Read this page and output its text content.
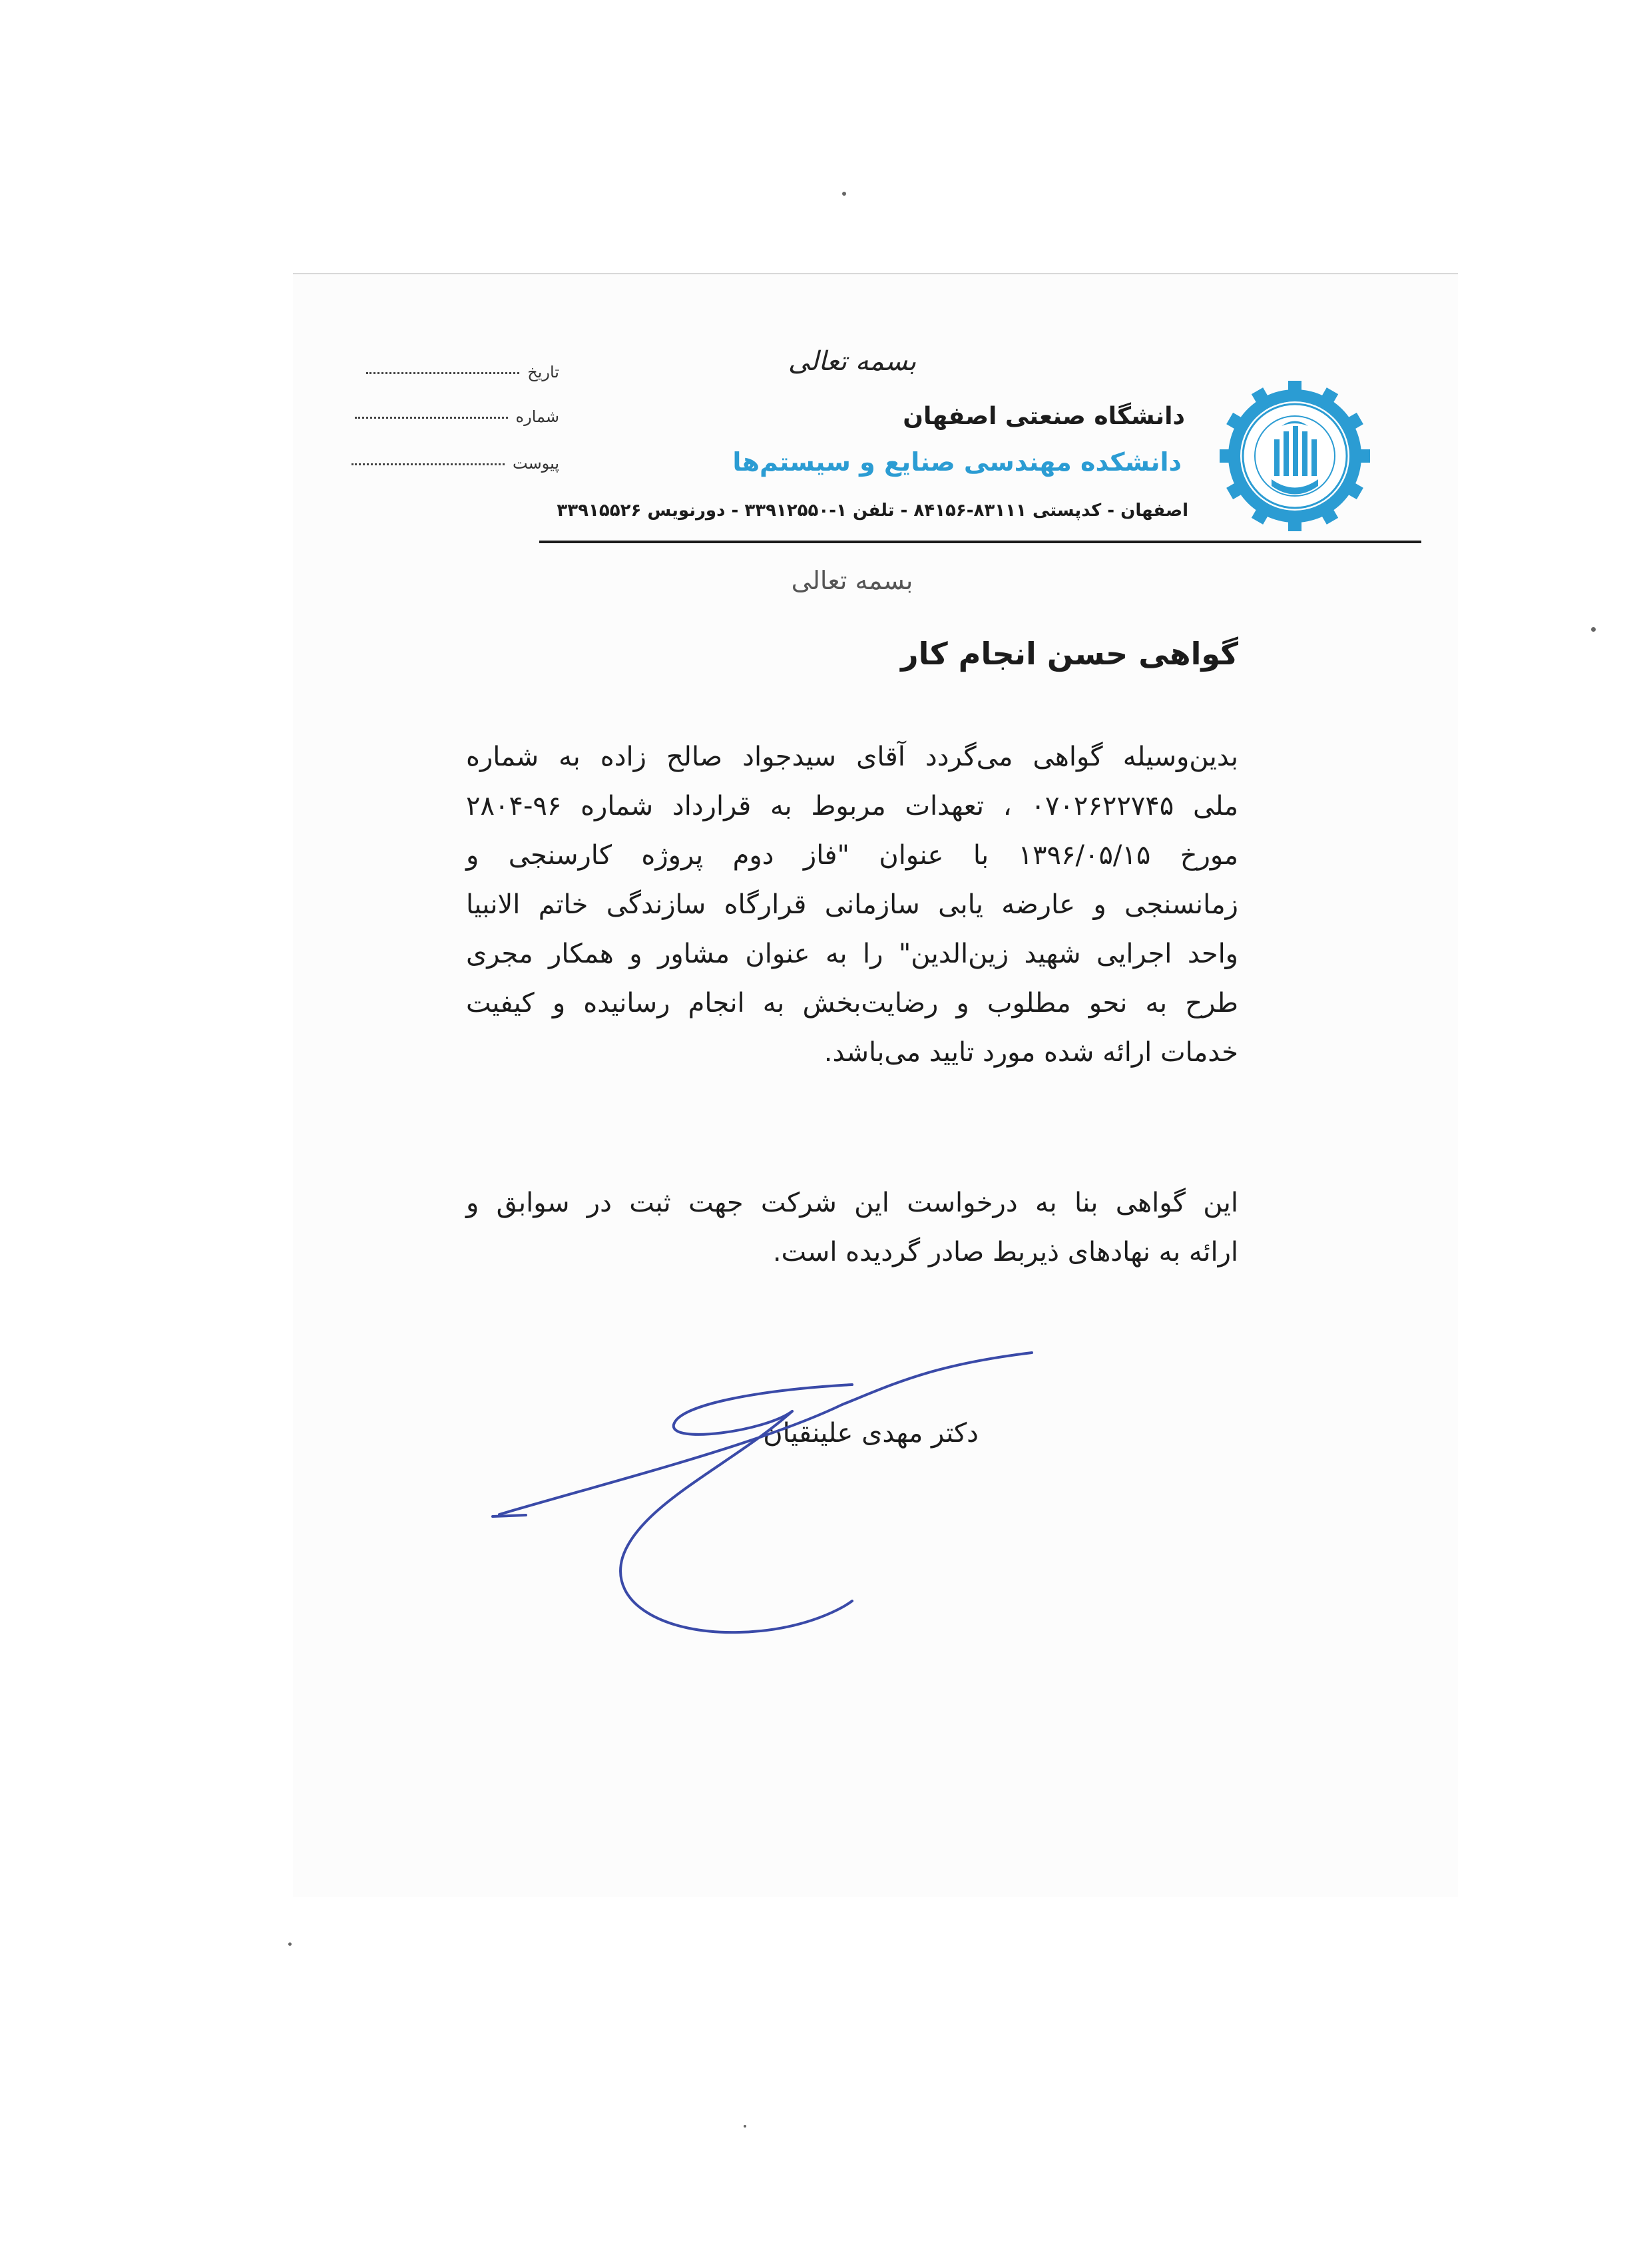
بسمه تعالی
دانشگاه صنعتی اصفهان
دانشکده مهندسی صنایع و سیستم‌ها
اصفهان - کدپستی ۸۳۱۱۱-۸۴۱۵۶ - تلفن ۱-۳۳۹۱۲۵۵۰ - دورنویس ۳۳۹۱۵۵۲۶
تاریخ
شماره
پیوست
بسمه تعالی
گواهی حسن انجام کار
بدین‌وسیله گواهی می‌گردد آقای سیدجواد صالح زاده به شماره
ملی ۰۷۰۲۶۲۲۷۴۵ ، تعهدات مربوط به قرارداد شماره ۹۶-۲۸۰۴
مورخ ۱۳۹۶/۰۵/۱۵ با عنوان "فاز دوم پروژه کارسنجی و
زمانسنجی و عارضه یابی سازمانی قرارگاه سازندگی خاتم الانبیا
واحد اجرایی شهید زین‌الدین" را به عنوان مشاور و همکار مجری
طرح به نحو مطلوب و رضایت‌بخش به انجام رسانیده و کیفیت
خدمات ارائه شده مورد تایید می‌باشد.
این گواهی بنا به درخواست این شرکت جهت ثبت در سوابق و
ارائه به نهادهای ذیربط صادر گردیده است.
دکتر مهدی علینقیان
